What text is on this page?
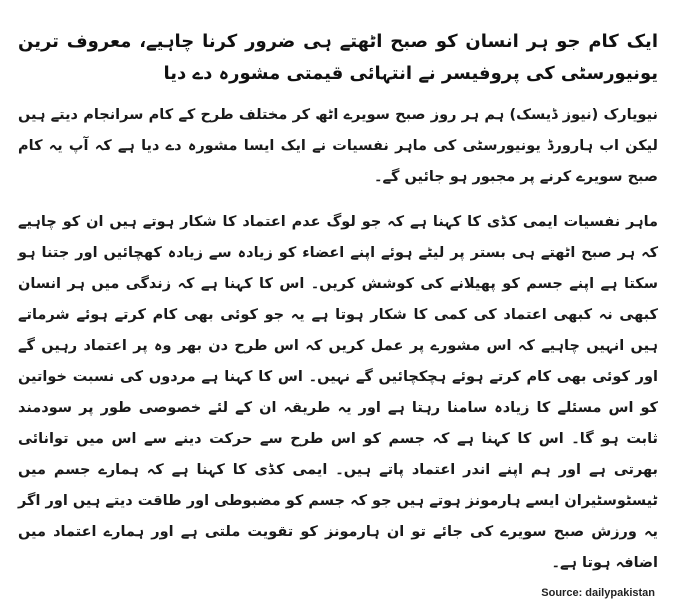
ایک کام جو ہر انسان کو صبح اٹھتے ہی ضرور کرنا چاہیے، معروف ترین یونیورسٹی کی پروفیسر نے انتہائی قیمتی مشورہ دے دیا

نیویارک (نیوز ڈیسک) ہم ہر روز صبح سویرے اٹھ کر مختلف طرح کے کام سرانجام دیتے ہیں لیکن اب ہارورڈ یونیورسٹی کی ماہر نفسیات نے ایک ایسا مشورہ دے دیا ہے کہ آپ یہ کام صبح سویرے کرنے پر مجبور ہو جائیں گے۔

ماہر نفسیات ایمی کڈی کا کہنا ہے کہ جو لوگ عدم اعتماد کا شکار ہوتے ہیں ان کو چاہیے کہ ہر صبح اٹھتے ہی بستر پر لیٹے ہوئے اپنے اعضاء کو زیادہ سے زیادہ کھچائیں اور جتنا ہو سکتا ہے اپنے جسم کو پھیلانے کی کوشش کریں۔ اس کا کہنا ہے کہ زندگی میں ہر انسان کبھی نہ کبھی اعتماد کی کمی کا شکار ہوتا ہے یہ جو کوئی بھی کام کرتے ہوئے شرماتے ہیں انہیں چاہیے کہ اس مشورے پر عمل کریں کہ اس طرح دن بھر وہ پر اعتماد رہیں گے اور کوئی بھی کام کرتے ہوئے ہچکچائیں گے نہیں۔ اس کا کہنا ہے مردوں کی نسبت خواتین کو اس مسئلے کا زیادہ سامنا رہتا ہے اور یہ طریقہ ان کے لئے خصوصی طور پر سودمند ثابت ہو گا۔ اس کا کہنا ہے کہ جسم کو اس طرح سے حرکت دینے سے اس میں توانائی بھرتی ہے اور ہم اپنے اندر اعتماد پاتے ہیں۔ ایمی کڈی کا کہنا ہے کہ ہمارے جسم میں ٹیسٹوسٹیران ایسے ہارمونز ہوتے ہیں جو کہ جسم کو مضبوطی اور طاقت دیتے ہیں اور اگر یہ ورزش صبح سویرے کی جائے تو ان ہارمونز کو تقویت ملتی ہے اور ہمارے اعتماد میں اضافہ ہوتا ہے۔

Source: dailypakistan
